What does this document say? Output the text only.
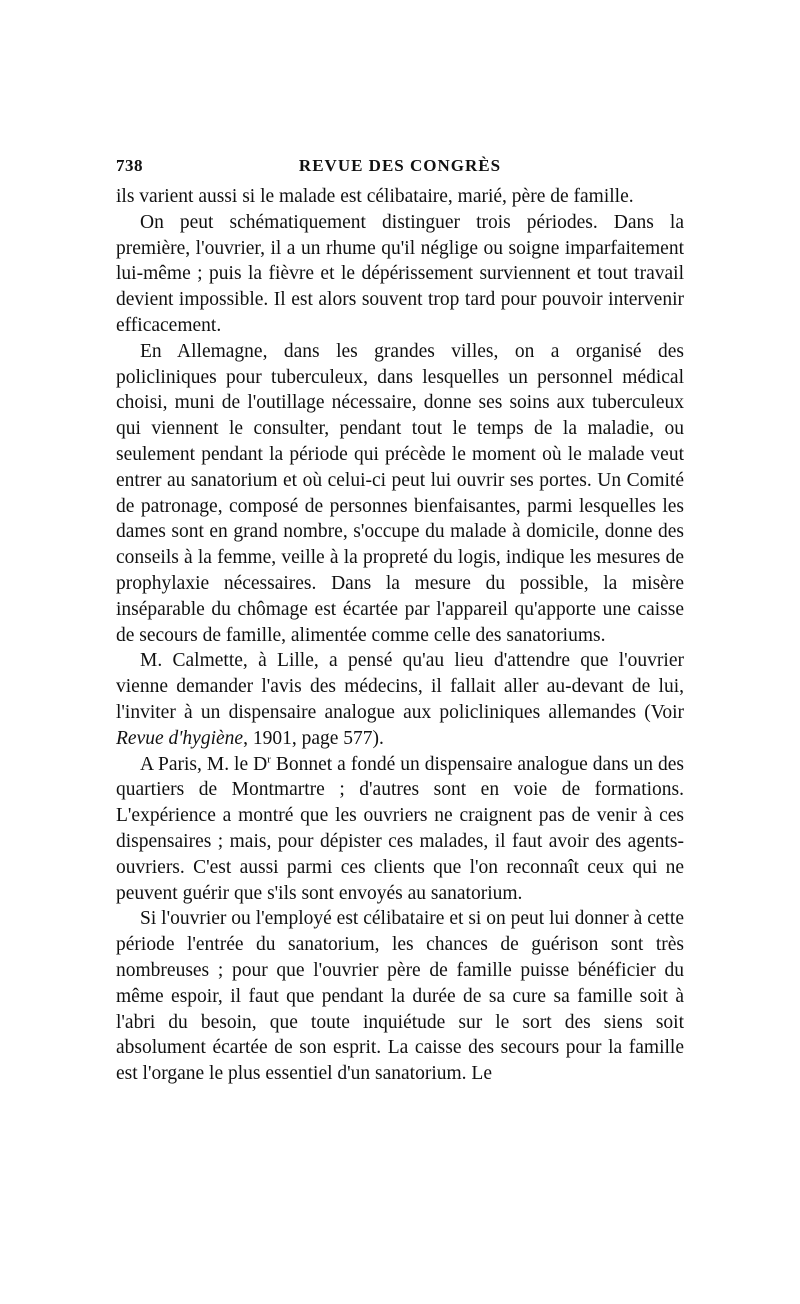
738	REVUE DES CONGRÈS

ils varient aussi si le malade est célibataire, marié, père de famille.

On peut schématiquement distinguer trois périodes. Dans la première, l'ouvrier, il a un rhume qu'il néglige ou soigne imparfaitement lui-même ; puis la fièvre et le dépérissement surviennent et tout travail devient impossible. Il est alors souvent trop tard pour pouvoir intervenir efficacement.

En Allemagne, dans les grandes villes, on a organisé des policliniques pour tuberculeux, dans lesquelles un personnel médical choisi, muni de l'outillage nécessaire, donne ses soins aux tuberculeux qui viennent le consulter, pendant tout le temps de la maladie, ou seulement pendant la période qui précède le moment où le malade veut entrer au sanatorium et où celui-ci peut lui ouvrir ses portes. Un Comité de patronage, composé de personnes bienfaisantes, parmi lesquelles les dames sont en grand nombre, s'occupe du malade à domicile, donne des conseils à la femme, veille à la propreté du logis, indique les mesures de prophylaxie nécessaires. Dans la mesure du possible, la misère inséparable du chômage est écartée par l'appareil qu'apporte une caisse de secours de famille, alimentée comme celle des sanatoriums.

M. Calmette, à Lille, a pensé qu'au lieu d'attendre que l'ouvrier vienne demander l'avis des médecins, il fallait aller au-devant de lui, l'inviter à un dispensaire analogue aux policliniques allemandes (Voir Revue d'hygiène, 1901, page 577).

A Paris, M. le $D^r$ Bonnet a fondé un dispensaire analogue dans un des quartiers de Montmartre ; d'autres sont en voie de formations. L'expérience a montré que les ouvriers ne craignent pas de venir à ces dispensaires ; mais, pour dépister ces malades, il faut avoir des agents-ouvriers. C'est aussi parmi ces clients que l'on reconnaît ceux qui ne peuvent guérir que s'ils sont envoyés au sanatorium.

Si l'ouvrier ou l'employé est célibataire et si on peut lui donner à cette période l'entrée du sanatorium, les chances de guérison sont très nombreuses ; pour que l'ouvrier père de famille puisse bénéficier du même espoir, il faut que pendant la durée de sa cure sa famille soit à l'abri du besoin, que toute inquiétude sur le sort des siens soit absolument écartée de son esprit. La caisse des secours pour la famille est l'organe le plus essentiel d'un sanatorium. Le
